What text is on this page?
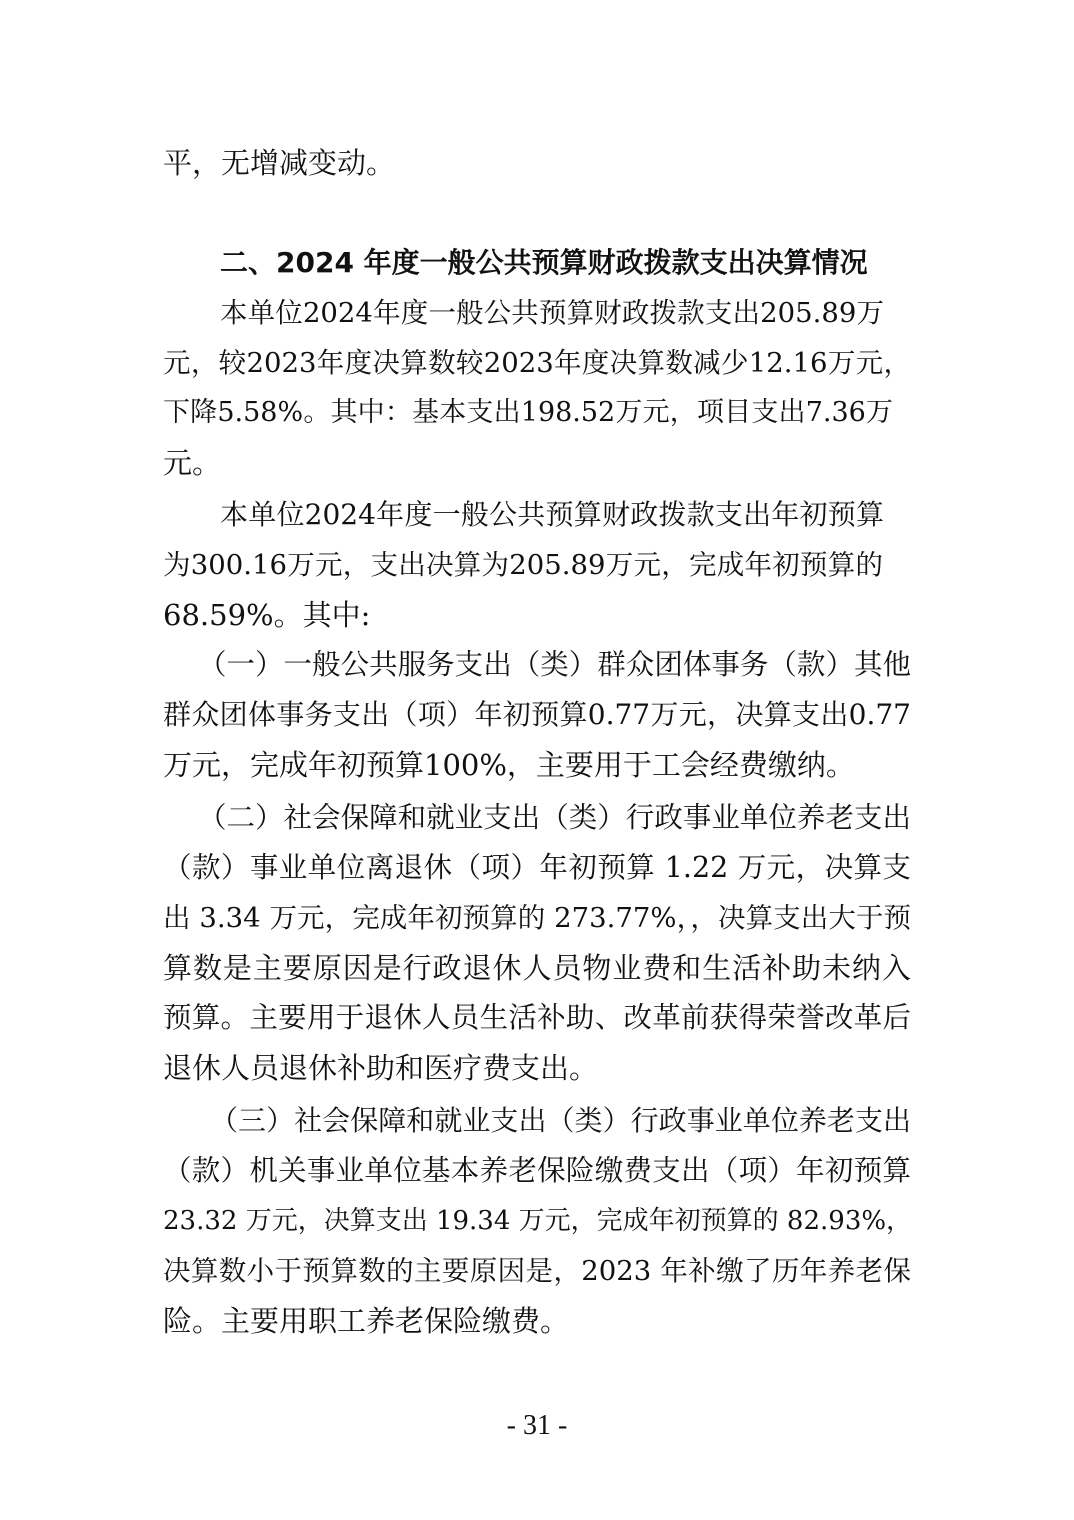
平，无增减变动。
二、2024 年度一般公共预算财政拨款支出决算情况
本单位2024年度一般公共预算财政拨款支出205.89万
元，较2023年度决算数较2023年度决算数减少12.16万元，
下降5.58%。其中：基本支出198.52万元，项目支出7.36万
元。
本单位2024年度一般公共预算财政拨款支出年初预算
为300.16万元，支出决算为205.89万元，完成年初预算的
68.59%。其中:
（一）一般公共服务支出（类）群众团体事务（款）其他
群众团体事务支出（项）年初预算0.77万元，决算支出0.77
万元，完成年初预算100%，主要用于工会经费缴纳。
（二）社会保障和就业支出（类）行政事业单位养老支出
（款）事业单位离退休（项）年初预算 1.22 万元，决算支
出 3.34 万元，完成年初预算的 273.77%，，决算支出大于预
算数是主要原因是行政退休人员物业费和生活补助未纳入
预算。主要用于退休人员生活补助、改革前获得荣誉改革后
退休人员退休补助和医疗费支出。
（三）社会保障和就业支出（类）行政事业单位养老支出
（款）机关事业单位基本养老保险缴费支出（项）年初预算
23.32 万元，决算支出 19.34 万元，完成年初预算的 82.93%，
决算数小于预算数的主要原因是，2023 年补缴了历年养老保
险。主要用职工养老保险缴费。
- 31 -
